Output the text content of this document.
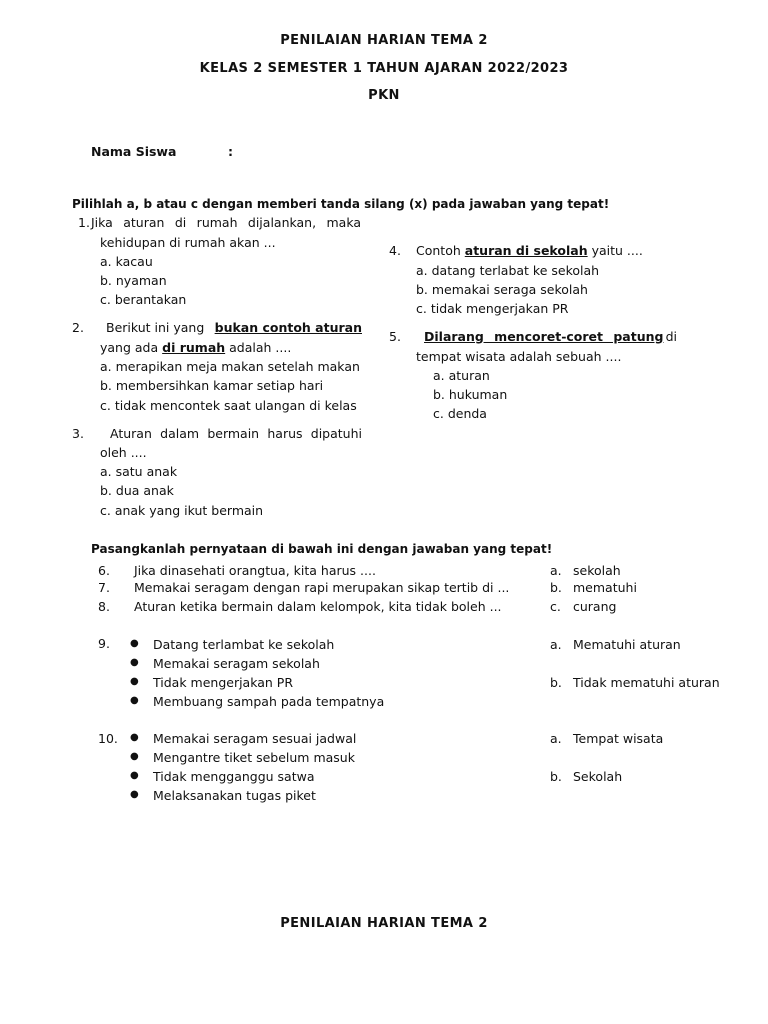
PENILAIAN HARIAN TEMA 2
KELAS 2 SEMESTER 1 TAHUN AJARAN 2022/2023
PKN
Nama Siswa	:
Pilihlah a, b atau c dengan memberi tanda silang (x) pada jawaban yang tepat!
1. Jika aturan di rumah dijalankan, maka
kehidupan di rumah akan ...
a. kacau
b. nyaman
c. berantakan
2. Berikut ini yang bukan contoh aturan
yang ada di rumah adalah ....
a. merapikan meja makan setelah makan
b. membersihkan kamar setiap hari
c. tidak mencontek saat ulangan di kelas
3. Aturan dalam bermain harus dipatuhi
oleh ....
a. satu anak
b. dua anak
c. anak yang ikut bermain
4. Contoh aturan di sekolah yaitu ....
a. datang terlabat ke sekolah
b. memakai seraga sekolah
c. tidak mengerjakan PR
5. Dilarang mencoret-coret patung di
tempat wisata adalah sebuah ....
a. aturan
b. hukuman
c. denda
Pasangkanlah pernyataan di bawah ini dengan jawaban yang tepat!
6. Jika dinasehati orangtua, kita harus ....	a. sekolah
7. Memakai seragam dengan rapi merupakan sikap tertib di ...	b. mematuhi
8. Aturan ketika bermain dalam kelompok, kita tidak boleh ...	c. curang
9. ● Datang terlambat ke sekolah
● Memakai seragam sekolah
● Tidak mengerjakan PR
● Membuang sampah pada tempatnya
a. Mematuhi aturan
b. Tidak mematuhi aturan
10. ● Memakai seragam sesuai jadwal
● Mengantre tiket sebelum masuk
● Tidak mengganggu satwa
● Melaksanakan tugas piket
a. Tempat wisata
b. Sekolah
PENILAIAN HARIAN TEMA 2
